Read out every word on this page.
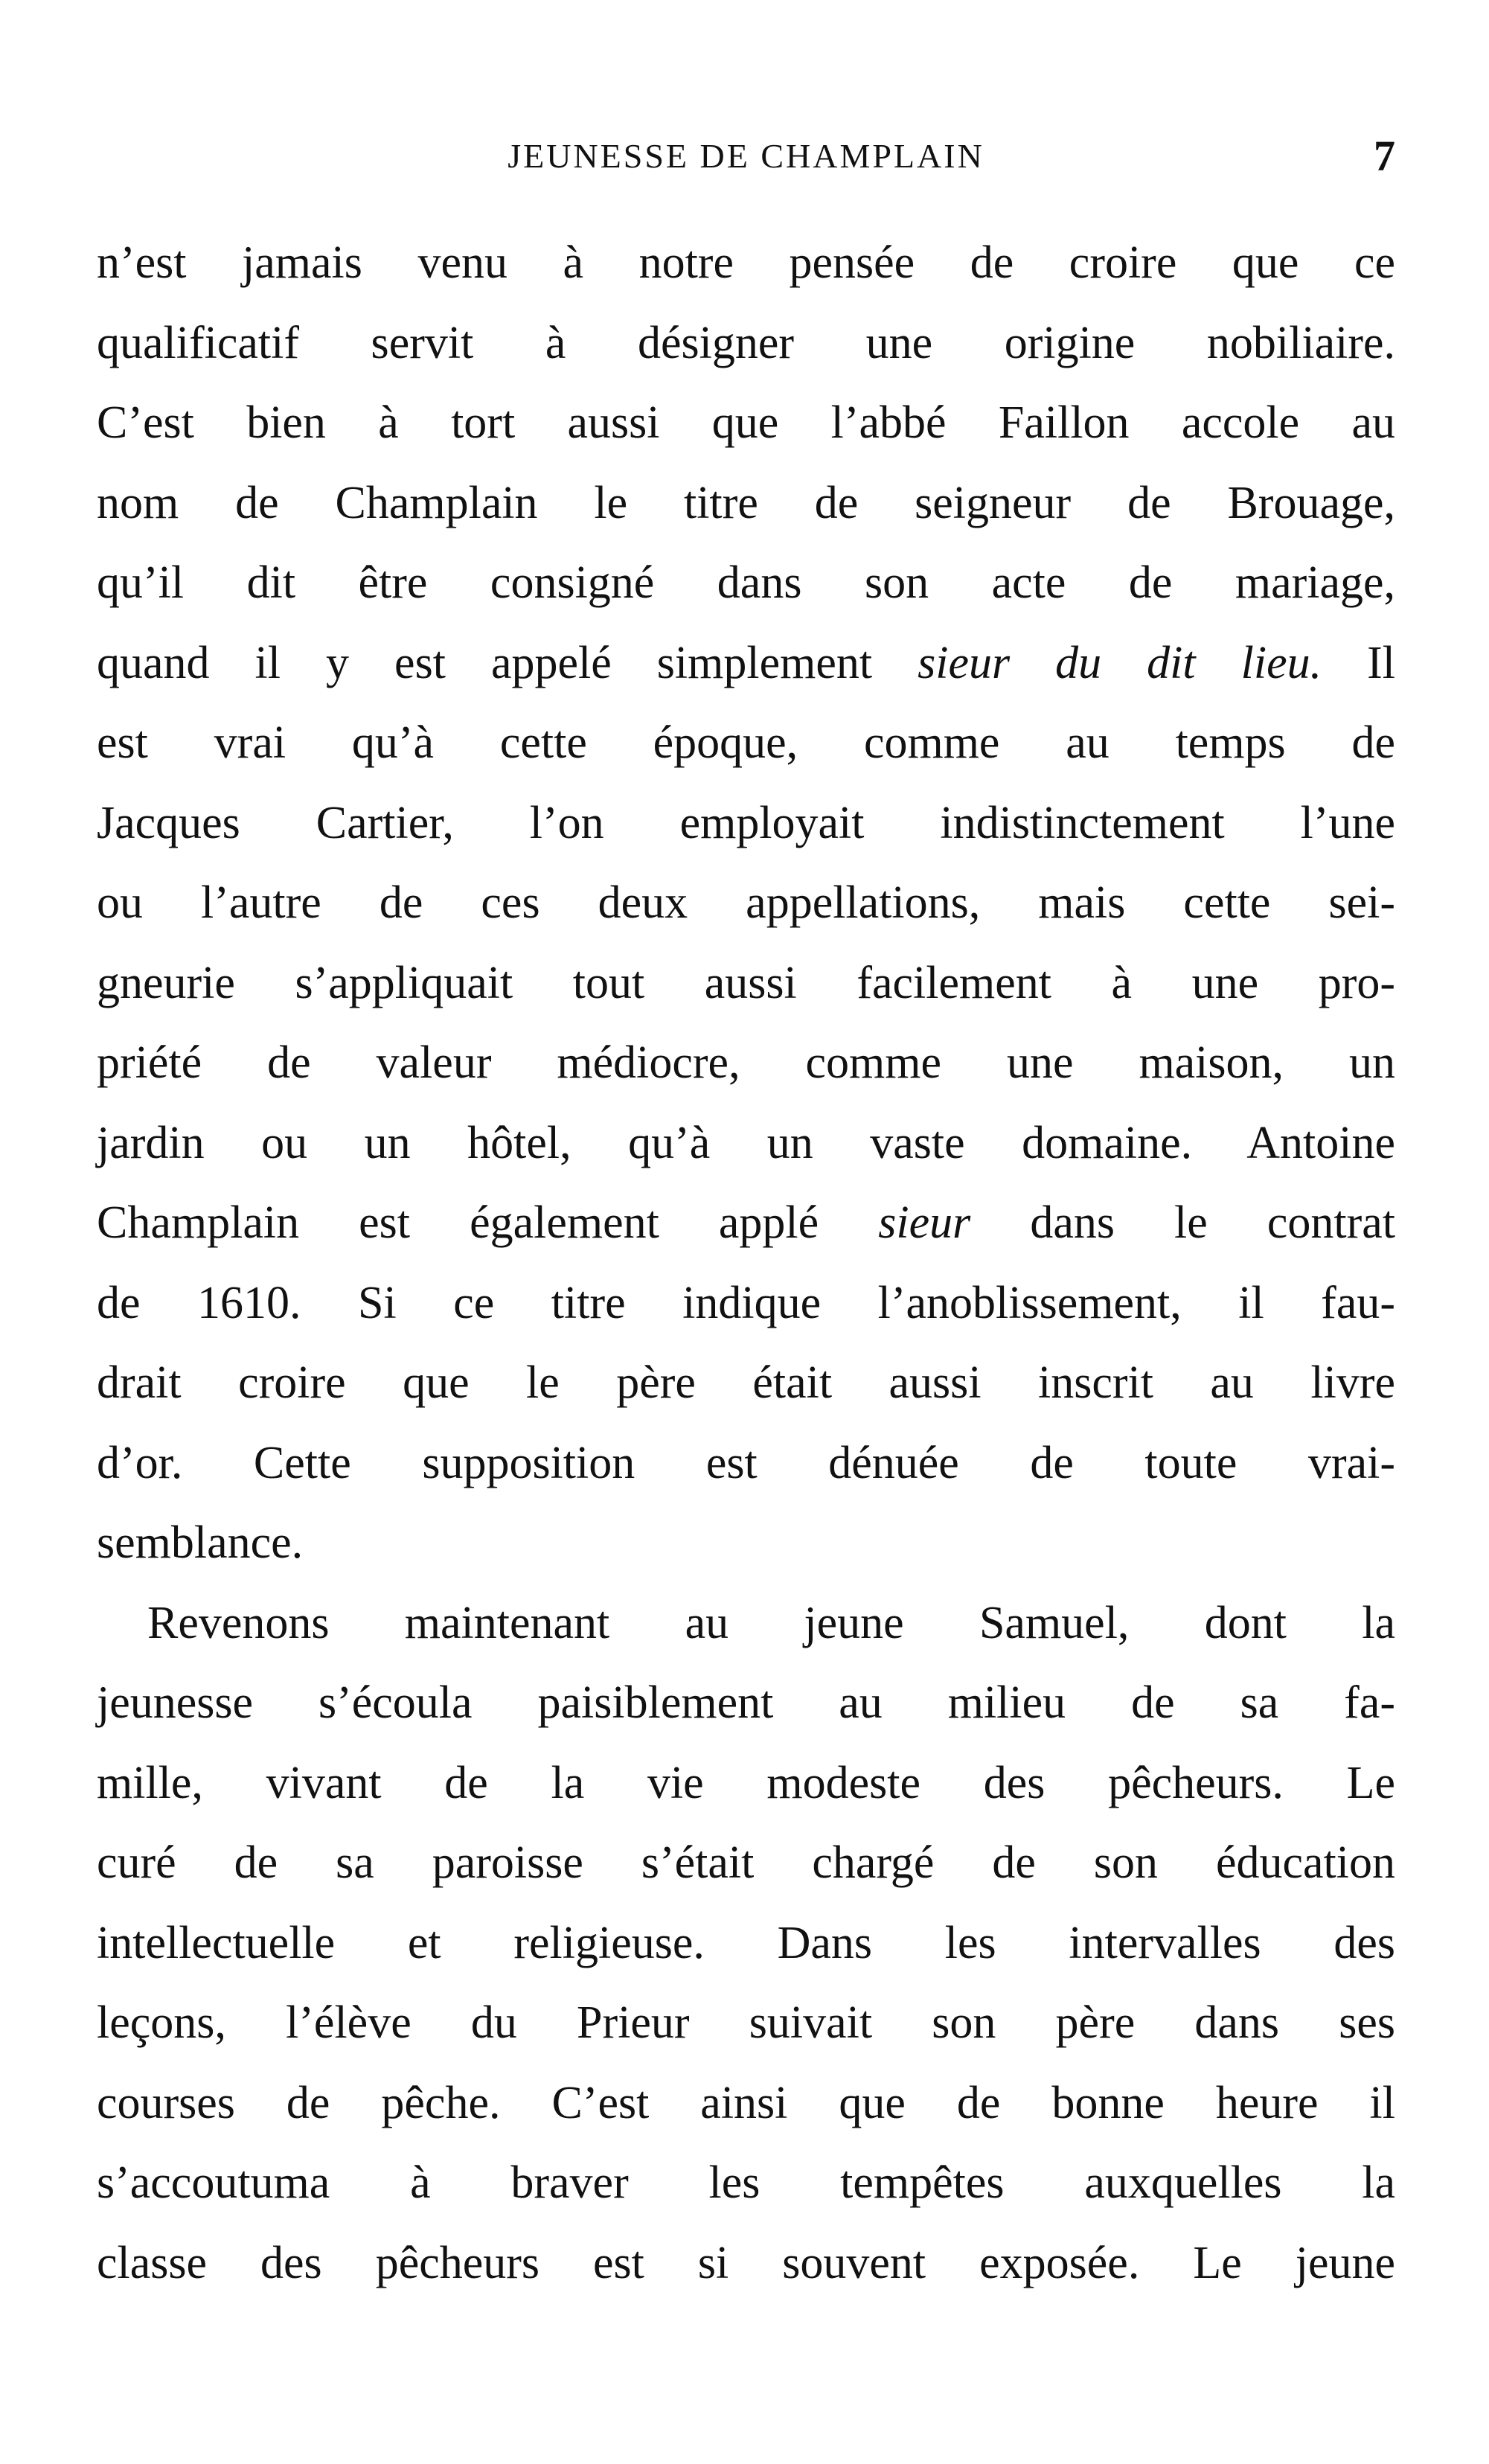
JEUNESSE DE CHAMPLAIN	7
n’est jamais venu à notre pensée de croire que ce
qualificatif servit à désigner une origine nobiliaire.
C’est bien à tort aussi que l’abbé Faillon accole au
nom de Champlain le titre de seigneur de Brouage,
qu’il dit être consigné dans son acte de mariage,
quand il y est appelé simplement sieur du dit lieu. Il
est vrai qu’à cette époque, comme au temps de
Jacques Cartier, l’on employait indistinctement l’une
ou l’autre de ces deux appellations, mais cette sei-
gneurie s’appliquait tout aussi facilement à une pro-
priété de valeur médiocre, comme une maison, un
jardin ou un hôtel, qu’à un vaste domaine. Antoine
Champlain est également applé sieur dans le contrat
de 1610. Si ce titre indique l’anoblissement, il fau-
drait croire que le père était aussi inscrit au livre
d’or. Cette supposition est dénuée de toute vrai-
semblance.
Revenons maintenant au jeune Samuel, dont la
jeunesse s’écoula paisiblement au milieu de sa fa-
mille, vivant de la vie modeste des pêcheurs. Le
curé de sa paroisse s’était chargé de son éducation
intellectuelle et religieuse. Dans les intervalles des
leçons, l’élève du Prieur suivait son père dans ses
courses de pêche. C’est ainsi que de bonne heure il
s’accoutuma à braver les tempêtes auxquelles la
classe des pêcheurs est si souvent exposée. Le jeune
